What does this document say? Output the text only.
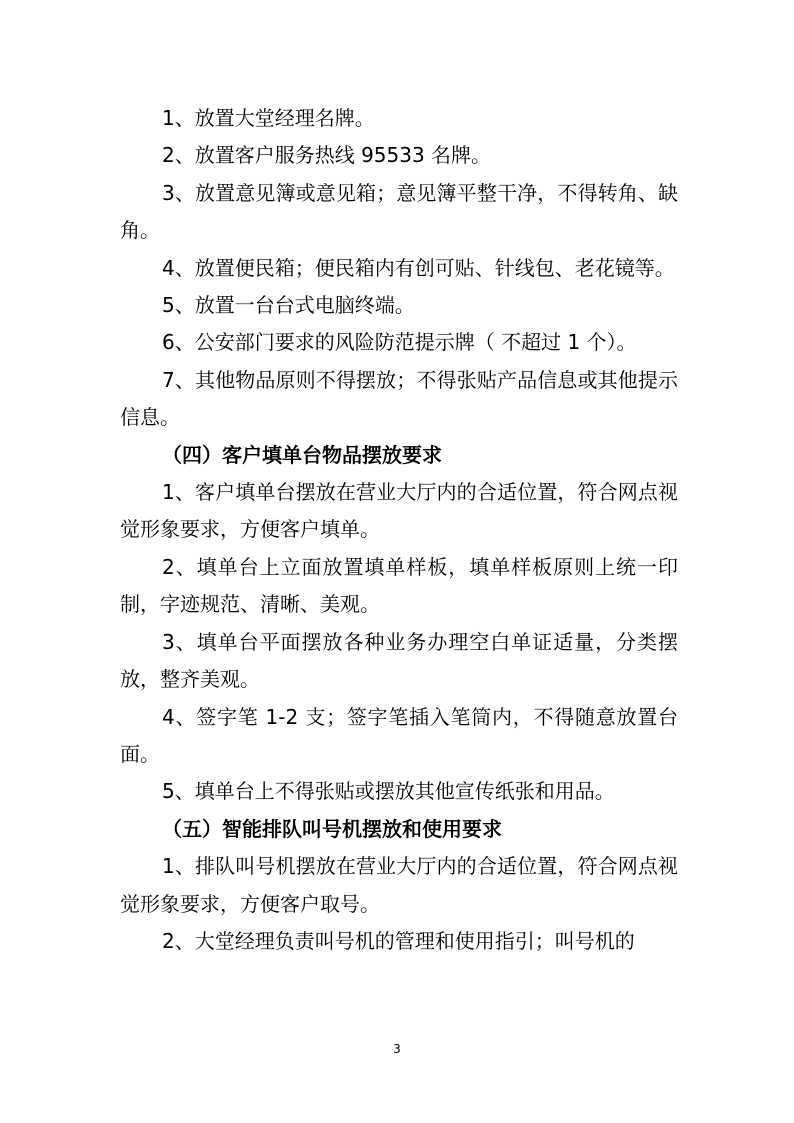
1、放置大堂经理名牌。

2、放置客户服务热线 95533 名牌。

3、放置意见簿或意见箱；意见簿平整干净，不得转角、缺角。

4、放置便民箱；便民箱内有创可贴、针线包、老花镜等。

5、放置一台台式电脑终端。

6、公安部门要求的风险防范提示牌（ 不超过 1 个）。

7、其他物品原则不得摆放；不得张贴产品信息或其他提示信息。

（四）客户填单台物品摆放要求

1、客户填单台摆放在营业大厅内的合适位置，符合网点视觉形象要求，方便客户填单。

2、填单台上立面放置填单样板，填单样板原则上统一印制，字迹规范、清晰、美观。

3、填单台平面摆放各种业务办理空白单证适量，分类摆放，整齐美观。

4、签字笔 1-2 支；签字笔插入笔筒内，不得随意放置台面。

5、填单台上不得张贴或摆放其他宣传纸张和用品。

（五）智能排队叫号机摆放和使用要求

1、排队叫号机摆放在营业大厅内的合适位置，符合网点视觉形象要求，方便客户取号。

2、大堂经理负责叫号机的管理和使用指引；叫号机的

3
